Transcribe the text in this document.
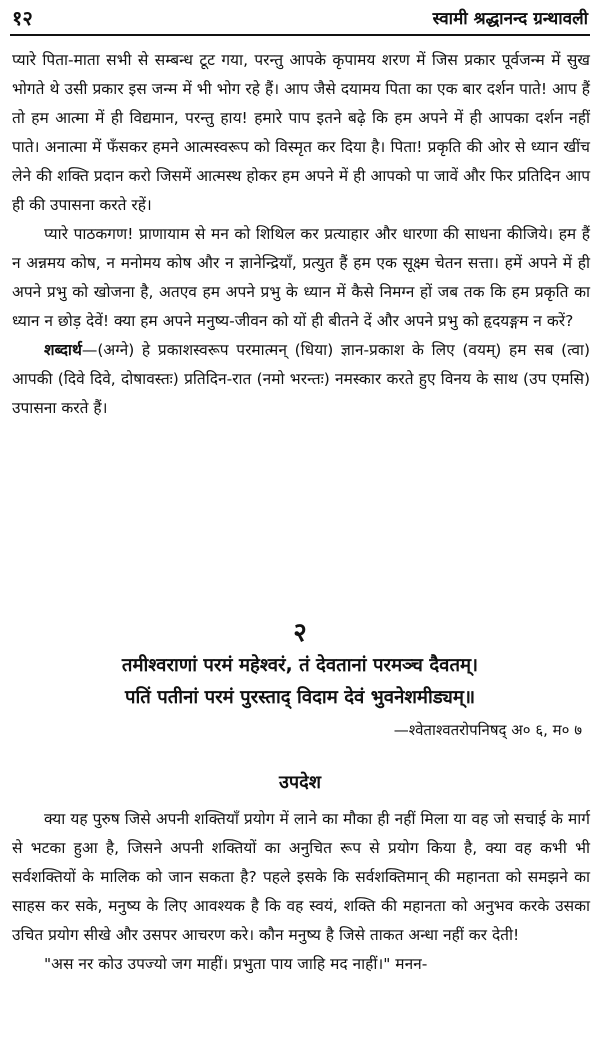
१२	स्वामी श्रद्धानन्द ग्रन्थावली

प्यारे पिता-माता सभी से सम्बन्ध टूट गया, परन्तु आपके कृपामय शरण में जिस प्रकार पूर्वजन्म में सुख भोगते थे उसी प्रकार इस जन्म में भी भोग रहे हैं। आप जैसे दयामय पिता का एक बार दर्शन पाते! आप हैं तो हम आत्मा में ही विद्यमान, परन्तु हाय! हमारे पाप इतने बढ़े कि हम अपने में ही आपका दर्शन नहीं पाते। अनात्मा में फँसकर हमने आत्मस्वरूप को विस्मृत कर दिया है। पिता! प्रकृति की ओर से ध्यान खींच लेने की शक्ति प्रदान करो जिसमें आत्मस्थ होकर हम अपने में ही आपको पा जावें और फिर प्रतिदिन आप ही की उपासना करते रहें।

प्यारे पाठकगण! प्राणायाम से मन को शिथिल कर प्रत्याहार और धारणा की साधना कीजिये। हम हैं न अन्नमय कोष, न मनोमय कोष और न ज्ञानेन्द्रियाँ, प्रत्युत हैं हम एक सूक्ष्म चेतन सत्ता। हमें अपने में ही अपने प्रभु को खोजना है, अतएव हम अपने प्रभु के ध्यान में कैसे निमग्न हों जब तक कि हम प्रकृति का ध्यान न छोड़ देवें! क्या हम अपने मनुष्य-जीवन को यों ही बीतने दें और अपने प्रभु को हृदयङ्गम न करें?

शब्दार्थ—(अग्ने) हे प्रकाशस्वरूप परमात्मन् (धिया) ज्ञान-प्रकाश के लिए (वयम्) हम सब (त्वा) आपकी (दिवे दिवे, दोषावस्तः) प्रतिदिन-रात (नमो भरन्तः) नमस्कार करते हुए विनय के साथ (उप एमसि) उपासना करते हैं।

२
तमीश्वराणां परमं महेश्वरं, तं देवतानां परमञ्च दैवतम्।
पतिं पतीनां परमं पुरस्ताद् विदाम देवं भुवनेशमीड्यम्॥
—श्वेताश्वतरोपनिषद् अ० ६, म० ७
उपदेश

क्या यह पुरुष जिसे अपनी शक्तियाँ प्रयोग में लाने का मौका ही नहीं मिला या वह जो सचाई के मार्ग से भटका हुआ है, जिसने अपनी शक्तियों का अनुचित रूप से प्रयोग किया है, क्या वह कभी भी सर्वशक्तियों के मालिक को जान सकता है? पहले इसके कि सर्वशक्तिमान् की महानता को समझने का साहस कर सके, मनुष्य के लिए आवश्यक है कि वह स्वयं, शक्ति की महानता को अनुभव करके उसका उचित प्रयोग सीखे और उसपर आचरण करे। कौन मनुष्य है जिसे ताकत अन्धा नहीं कर देती!

"अस नर कोउ उपज्यो जग माहीं। प्रभुता पाय जाहि मद नाहीं।" मनन-
